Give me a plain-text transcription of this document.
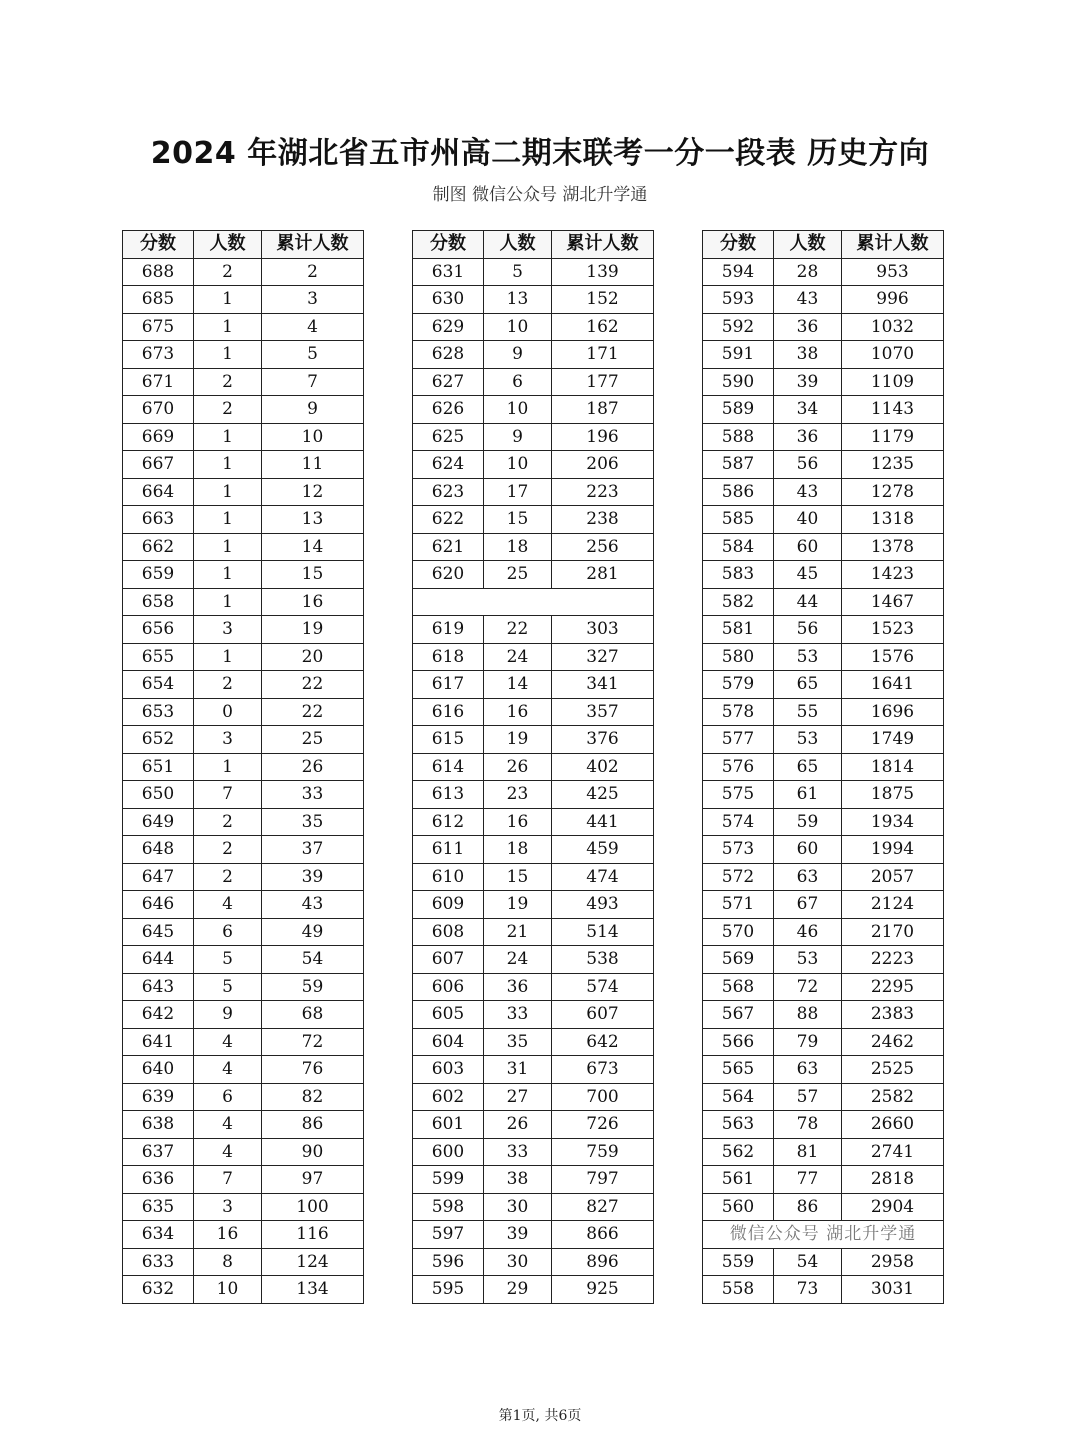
2024 年湖北省五市州高二期末联考一分一段表 历史方向
制图 微信公众号 湖北升学通
分数	人数	累计人数
688	2	2
685	1	3
675	1	4
673	1	5
671	2	7
670	2	9
669	1	10
667	1	11
664	1	12
663	1	13
662	1	14
659	1	15
658	1	16
656	3	19
655	1	20
654	2	22
653	0	22
652	3	25
651	1	26
650	7	33
649	2	35
648	2	37
647	2	39
646	4	43
645	6	49
644	5	54
643	5	59
642	9	68
641	4	72
640	4	76
639	6	82
638	4	86
637	4	90
636	7	97
635	3	100
634	16	116
633	8	124
632	10	134
分数	人数	累计人数
631	5	139
630	13	152
629	10	162
628	9	171
627	6	177
626	10	187
625	9	196
624	10	206
623	17	223
622	15	238
621	18	256
620	25	281

619	22	303
618	24	327
617	14	341
616	16	357
615	19	376
614	26	402
613	23	425
612	16	441
611	18	459
610	15	474
609	19	493
608	21	514
607	24	538
606	36	574
605	33	607
604	35	642
603	31	673
602	27	700
601	26	726
600	33	759
599	38	797
598	30	827
597	39	866
596	30	896
595	29	925
分数	人数	累计人数
594	28	953
593	43	996
592	36	1032
591	38	1070
590	39	1109
589	34	1143
588	36	1179
587	56	1235
586	43	1278
585	40	1318
584	60	1378
583	45	1423
582	44	1467
581	56	1523
580	53	1576
579	65	1641
578	55	1696
577	53	1749
576	65	1814
575	61	1875
574	59	1934
573	60	1994
572	63	2057
571	67	2124
570	46	2170
569	53	2223
568	72	2295
567	88	2383
566	79	2462
565	63	2525
564	57	2582
563	78	2660
562	81	2741
561	77	2818
560	86	2904
微信公众号 湖北升学通		
559	54	2958
558	73	3031
第1页, 共6页
